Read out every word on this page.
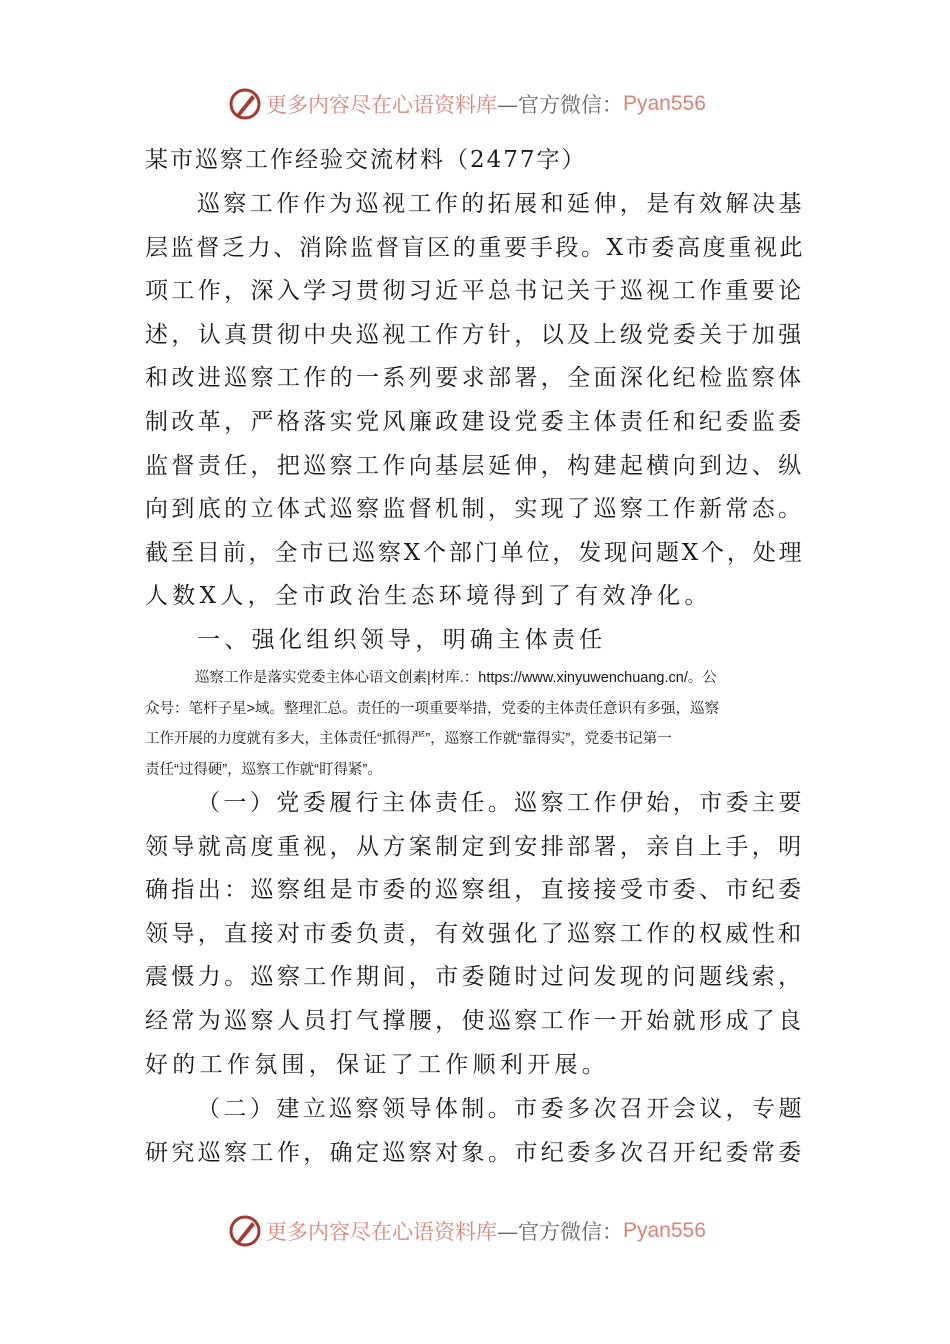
更多内容尽在心语资料库 —官方微信： Pyan556
某市巡察工作经验交流材料（2477字）
巡察工作作为巡视工作的拓展和延伸，是有效解决基
层监督乏力、消除监督盲区的重要手段。X市委高度重视此
项工作，深入学习贯彻习近平总书记关于巡视工作重要论
述，认真贯彻中央巡视工作方针，以及上级党委关于加强
和改进巡察工作的一系列要求部署，全面深化纪检监察体
制改革，严格落实党风廉政建设党委主体责任和纪委监委
监督责任，把巡察工作向基层延伸，构建起横向到边、纵
向到底的立体式巡察监督机制，实现了巡察工作新常态。
截至目前，全市已巡察X个部门单位，发现问题X个，处理
人数X人，全市政治生态环境得到了有效净化。
一、强化组织领导，明确主体责任
巡察工作是落实党委主体心语文创素|材库.：https://www.xinyuwenchuang.cn/。公
众号：笔杆子星>域。整理汇总。责任的一项重要举措，党委的主体责任意识有多强，巡察
工作开展的力度就有多大，主体责任“抓得严”，巡察工作就“靠得实”，党委书记第一
责任“过得硬”，巡察工作就“盯得紧”。
（一）党委履行主体责任。巡察工作伊始，市委主要
领导就高度重视，从方案制定到安排部署，亲自上手，明
确指出：巡察组是市委的巡察组，直接接受市委、市纪委
领导，直接对市委负责，有效强化了巡察工作的权威性和
震慑力。巡察工作期间，市委随时过问发现的问题线索，
经常为巡察人员打气撑腰，使巡察工作一开始就形成了良
好的工作氛围，保证了工作顺利开展。
（二）建立巡察领导体制。市委多次召开会议，专题
研究巡察工作，确定巡察对象。市纪委多次召开纪委常委
更多内容尽在心语资料库 —官方微信： Pyan556
